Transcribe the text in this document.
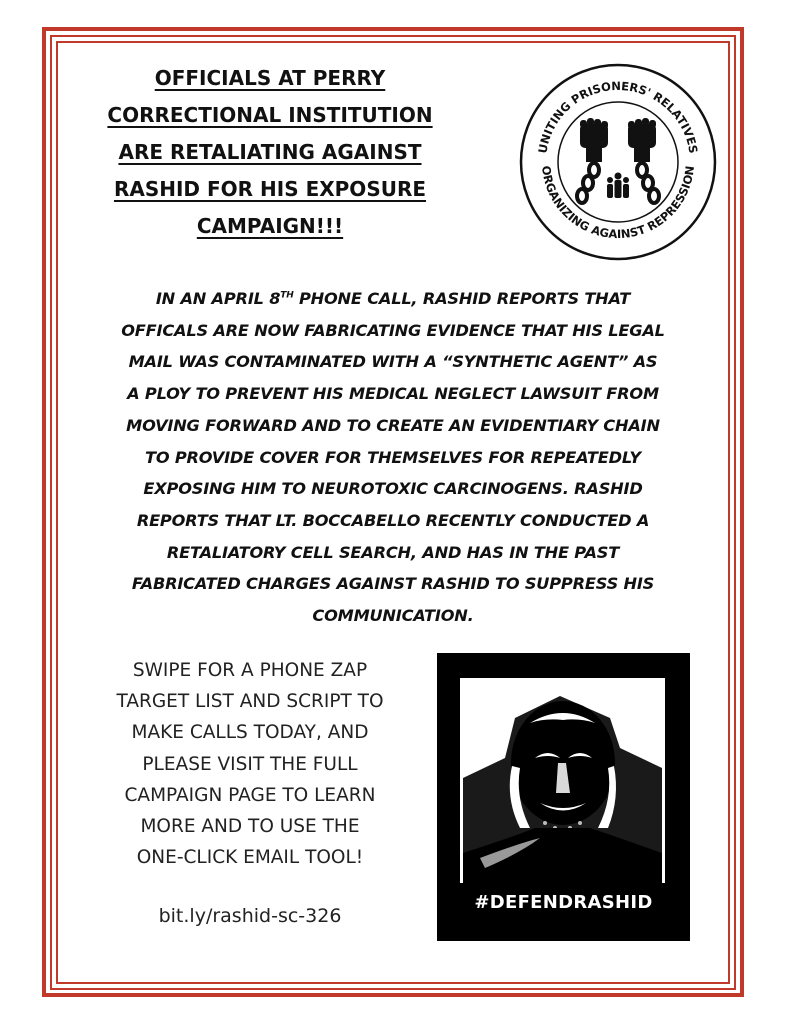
OFFICIALS AT PERRY
CORRECTIONAL INSTITUTION
ARE RETALIATING AGAINST
RASHID FOR HIS EXPOSURE
CAMPAIGN!!!
UNITING PRISONERS' RELATIVES
ORGANIZING AGAINST REPRESSION

IN AN APRIL 8TH PHONE CALL, RASHID REPORTS THAT
OFFICALS ARE NOW FABRICATING EVIDENCE THAT HIS LEGAL
MAIL WAS CONTAMINATED WITH A “SYNTHETIC AGENT” AS
A PLOY TO PREVENT HIS MEDICAL NEGLECT LAWSUIT FROM
MOVING FORWARD AND TO CREATE AN EVIDENTIARY CHAIN
TO PROVIDE COVER FOR THEMSELVES FOR REPEATEDLY
EXPOSING HIM TO NEUROTOXIC CARCINOGENS. RASHID
REPORTS THAT LT. BOCCABELLO RECENTLY CONDUCTED A
RETALIATORY CELL SEARCH, AND HAS IN THE PAST
FABRICATED CHARGES AGAINST RASHID TO SUPPRESS HIS
COMMUNICATION.

SWIPE FOR A PHONE ZAP
TARGET LIST AND SCRIPT TO
MAKE CALLS TODAY, AND
PLEASE VISIT THE FULL
CAMPAIGN PAGE TO LEARN
MORE AND TO USE THE
ONE-CLICK EMAIL TOOL!

bit.ly/rashid-sc-326
#DEFENDRASHID
